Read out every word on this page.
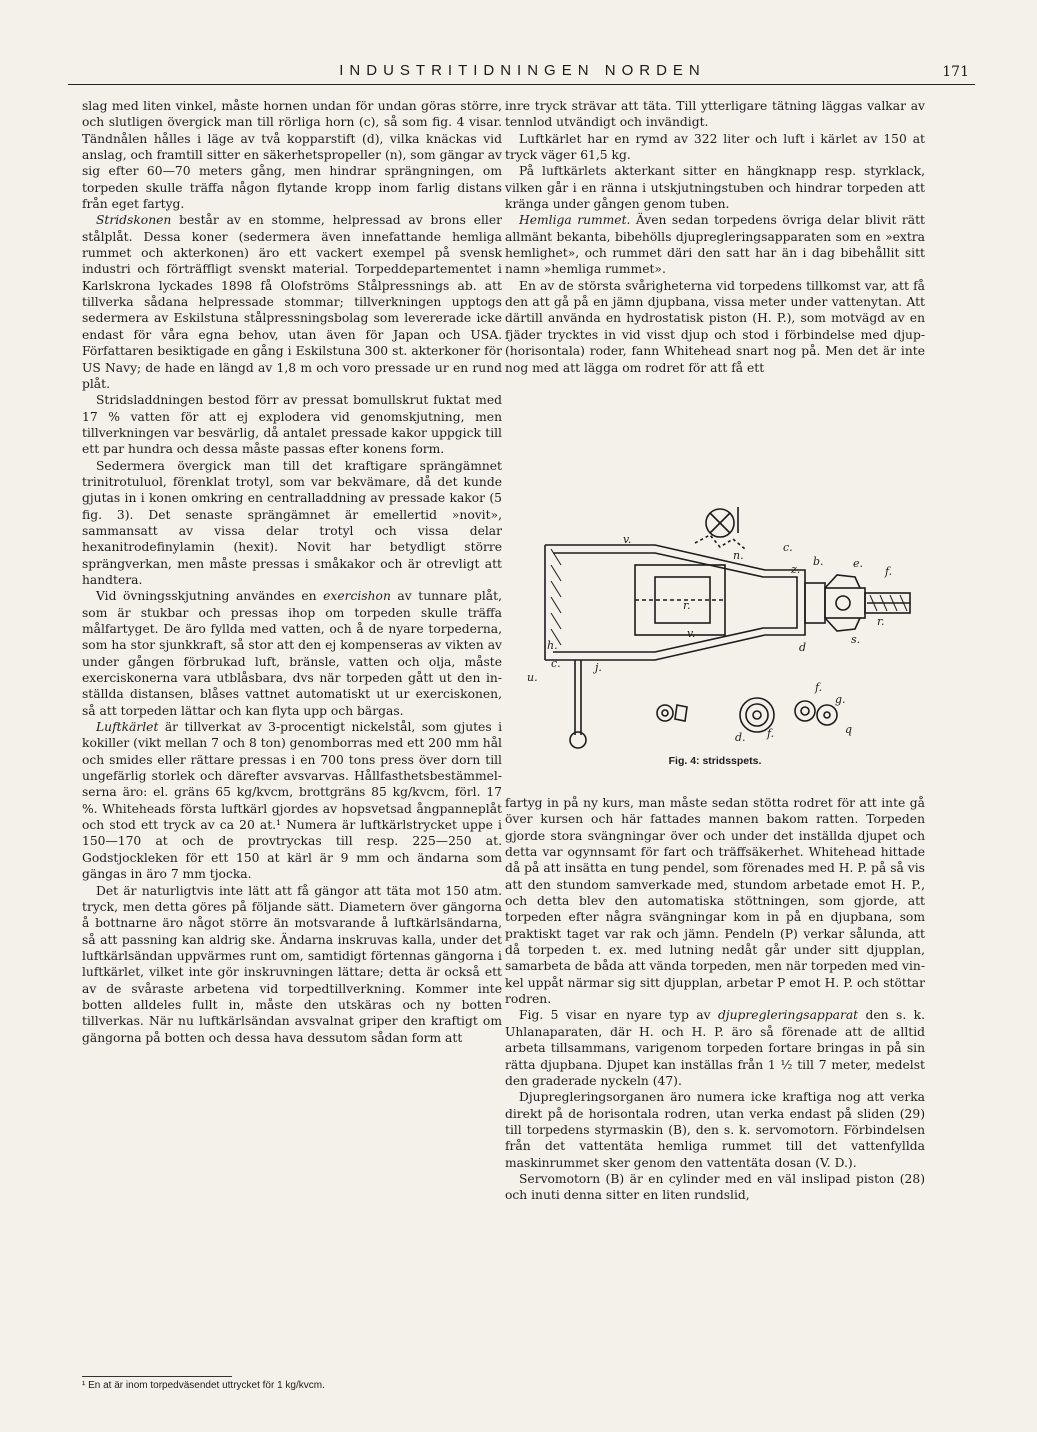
INDUSTRITIDNINGEN NORDEN	171

slag med liten vinkel, måste hornen undan för undan göras större, och slutligen övergick man till rörliga horn (c), så som fig. 4 visar. Tändnålen hålles i läge av två kopparstift (d), vilka knäckas vid anslag, och framtill sitter en säkerhetspropeller (n), som gängar av sig efter 60—70 meters gång, men hindrar sprängningen, om torpeden skulle träffa någon flytande kropp inom farlig distans från eget fartyg.

Stridskonen består av en stomme, helpressad av brons eller stålplåt. Dessa koner (sedermera även innefattande hemliga rummet och akterkonen) äro ett vackert exempel på svensk industri och förträffligt svenskt material. Torpeddepartementet i Karlskrona lyckades 1898 få Olofströms Stålpressnings ab. att tillverka sådana helpressade stommar; tillverkningen upptogs sedermera av Eskilstuna stålpressningsbolag som levererade icke endast för våra egna behov, utan även för Japan och USA. Författaren besiktigade en gång i Eskilstuna 300 st. akterkoner för US Navy; de hade en längd av 1,8 m och voro pressade ur en rund plåt.

Stridsladdningen bestod förr av pressat bomullskrut fuktat med 17 % vatten för att ej explodera vid genomskjutning, men tillverkningen var besvärlig, då antalet pressade kakor uppgick till ett par hundra och dessa måste passas efter konens form.

Sedermera övergick man till det kraftigare sprängämnet trinitrotuluol, förenklat trotyl, som var bekvämare, då det kunde gjutas in i konen omkring en centralladdning av pressade kakor (5 fig. 3). Det senaste sprängämnet är emellertid »novit», sammansatt av vissa delar trotyl och vissa delar hexanitrodefinylamin (hexit). Novit har betydligt större sprängverkan, men måste pressas i småkakor och är otrevligt att handtera.

Vid övningsskjutning användes en exercishon av tunnare plåt, som är stukbar och pressas ihop om torpeden skulle träffa målfartyget. De äro fyllda med vatten, och å de nyare torpederna, som ha stor sjunkkraft, så stor att den ej kompenseras av vikten av under gången förbrukad luft, bränsle, vatten och olja, måste exerciskonerna vara utblåsbara, dvs när torpeden gått ut den inställda distansen, blåses vattnet automatiskt ut ur exerciskonen, så att torpeden lättar och kan flyta upp och bärgas.

Luftkärlet är tillverkat av 3-procentigt nickelstål, som gjutes i kokiller (vikt mellan 7 och 8 ton) genomborras med ett 200 mm hål och smides eller rättare pressas i en 700 tons press över dorn till ungefärlig storlek och därefter avsvarvas. Hållfasthetsbestämmelserna äro: el. gräns 65 kg/kvcm, brottgräns 85 kg/kvcm, förl. 17 %. Whiteheads första luftkärl gjordes av hopsvetsad ångpanneplåt och stod ett tryck av ca 20 at.¹ Numera är luftkärlstrycket uppe i 150—170 at och de provtryckas till resp. 225—250 at. Godstjockleken för ett 150 at kärl är 9 mm och ändarna som gängas in äro 7 mm tjocka.

Det är naturligtvis inte lätt att få gängor att täta mot 150 atm. tryck, men detta göres på följande sätt. Diametern över gängorna å bottnarne äro något större än motsvarande å luftkärlsändarna, så att passning kan aldrig ske. Ändarna inskruvas kalla, under det luftkärlsändan uppvärmes runt om, samtidigt förtennas gängorna i luftkärlet, vilket inte gör inskruvningen lättare; detta är också ett av de svåraste arbetena vid torpedtillverkning. Kommer inte botten alldeles fullt in, måste den utskäras och ny botten tillverkas. När nu luftkärlsändan avsvalnat griper den kraftigt om gängorna på botten och dessa hava dessutom sådan form att

¹ En at är inom torpedväsendet uttrycket för 1 kg/kvcm.

inre tryck strävar att täta. Till ytterligare tätning läggas valkar av tennlod utvändigt och invändigt.

Luftkärlet har en rymd av 322 liter och luft i kärlet av 150 at tryck väger 61,5 kg.

På luftkärlets akterkant sitter en hängknapp resp. styrklack, vilken går i en ränna i utskjutningstuben och hindrar torpeden att kränga under gången genom tuben.

Hemliga rummet. Även sedan torpedens övriga delar blivit rätt allmänt bekanta, bibehölls djupregleringsapparaten som en »extra hemlighet», och rummet däri den satt har än i dag bibehållit sitt namn »hemliga rummet».

En av de största svårigheterna vid torpedens tillkomst var, att få den att gå på en jämn djupbana, vissa meter under vattenytan. Att därtill använda en hydrostatisk piston (H. P.), som motvägd av en fjäder trycktes in vid visst djup och stod i förbindelse med djup(horisontala) roder, fann Whitehead snart nog på. Men det är inte nog med att lägga om rodret för att få ett

fartyg in på ny kurs, man måste sedan stötta rodret för att inte gå över kursen och här fattades mannen bakom ratten. Torpeden gjorde stora svängningar över och under det inställda djupet och detta var ogynnsamt för fart och träffsäkerhet. Whitehead hittade då på att insätta en tung pendel, som förenades med H. P. på så vis att den stundom samverkade med, stundom arbetade emot H. P., och detta blev den automatiska stöttningen, som gjorde, att torpeden efter några svängningar kom in på en djupbana, som praktiskt taget var rak och jämn. Pendeln (P) verkar sålunda, att då torpeden t. ex. med lutning nedåt går under sitt djupplan, samarbeta de båda att vända torpeden, men när torpeden med vinkel uppåt närmar sig sitt djupplan, arbetar P emot H. P. och stöttar rodren.

Fig. 5 visar en nyare typ av djupregleringsapparat den s. k. Uhlanaparaten, där H. och H. P. äro så förenade att de alltid arbeta tillsammans, varigenom torpeden fortare bringas in på sin rätta djupbana. Djupet kan inställas från 1 ½ till 7 meter, medelst den graderade nyckeln (47).

Djupregleringsorganen äro numera icke kraftiga nog att verka direkt på de horisontala rodren, utan verka endast på sliden (29) till torpedens styrmaskin (B), den s. k. servomotorn. Förbindelsen från det vattentäta hemliga rummet till det vattenfyllda maskinrummet sker genom den vattentäta dosan (V. D.).

Servomotorn (B) är en cylinder med en väl inslipad piston (28) och inuti denna sitter en liten rundslid,

v.
c.
n.	b.	e.
z.	f.
r.
d
s.
v.
h.
c.	j.
u.
r.
f.
g.
d. f.	q
Fig. 4: stridsspets.
